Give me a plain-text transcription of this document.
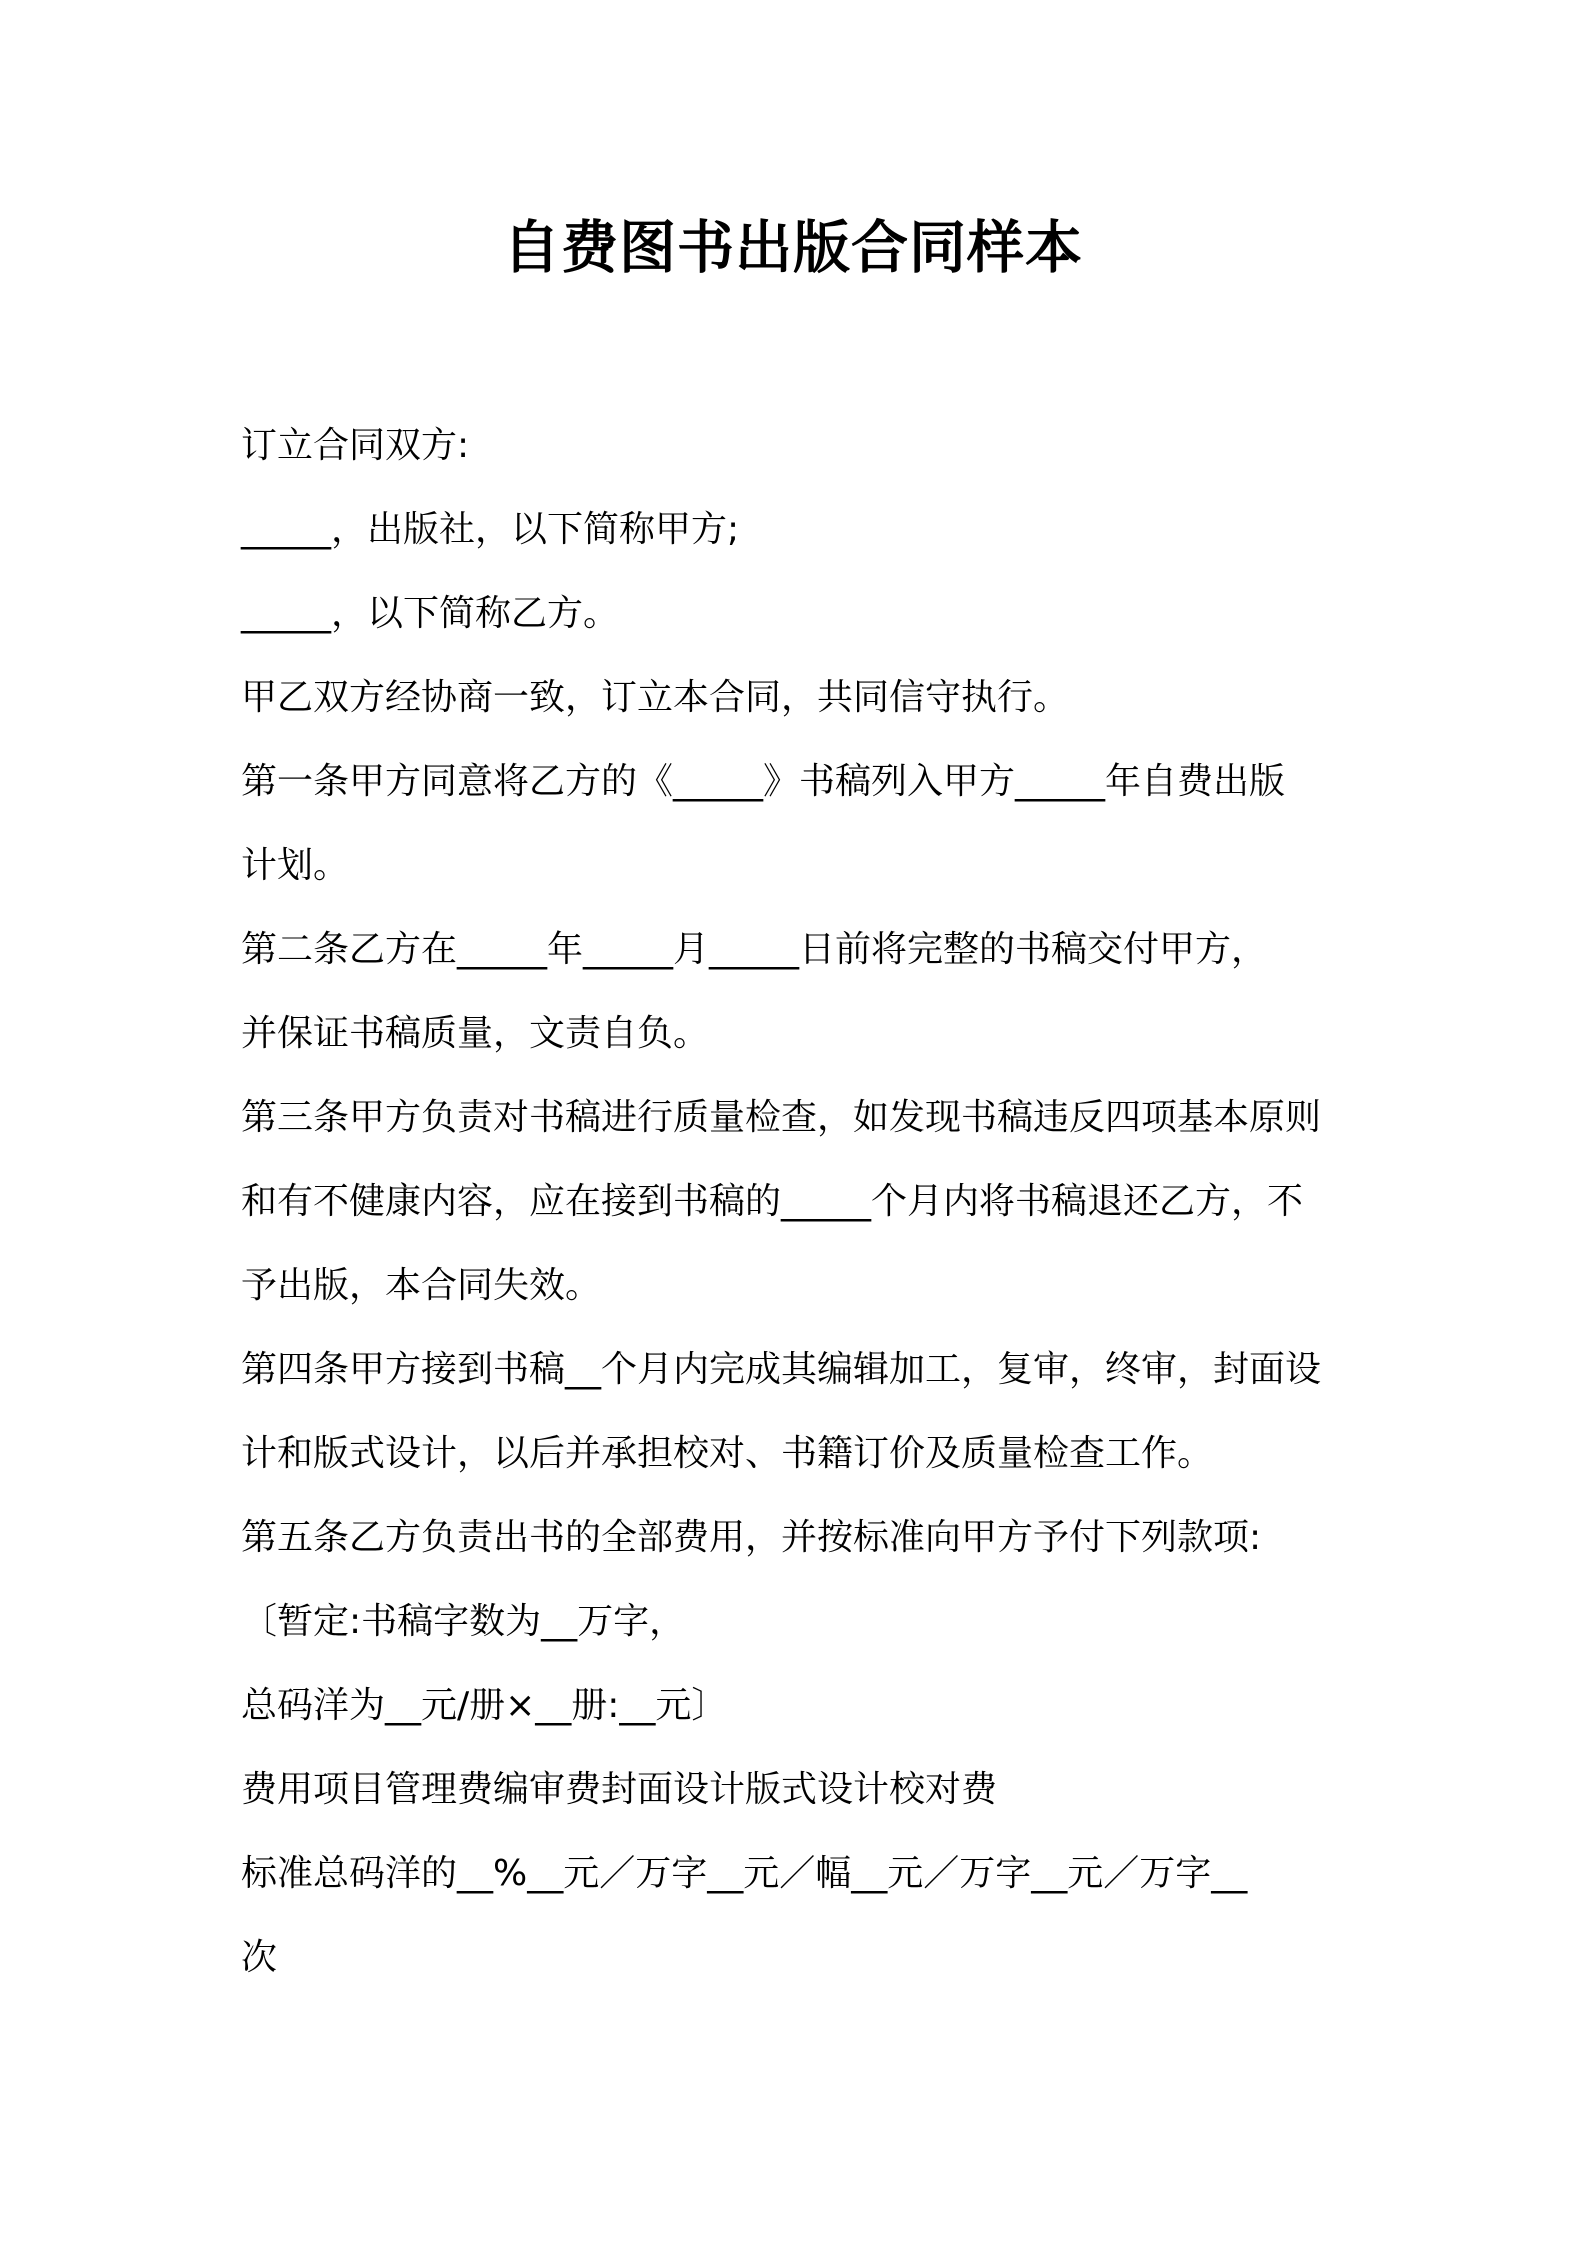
自费图书出版合同样本
订立合同双方:
_____，出版社，以下简称甲方;
_____，以下简称乙方。
甲乙双方经协商一致，订立本合同，共同信守执行。
第一条甲方同意将乙方的《_____》书稿列入甲方_____年自费出版
计划。
第二条乙方在_____年_____月_____日前将完整的书稿交付甲方，
并保证书稿质量，文责自负。
第三条甲方负责对书稿进行质量检查，如发现书稿违反四项基本原则
和有不健康内容，应在接到书稿的_____个月内将书稿退还乙方，不
予出版，本合同失效。
第四条甲方接到书稿__个月内完成其编辑加工，复审，终审，封面设
计和版式设计，以后并承担校对、书籍订价及质量检查工作。
第五条乙方负责出书的全部费用，并按标准向甲方予付下列款项:
〔暂定:书稿字数为__万字，
总码洋为__元/册×__册:__元〕
费用项目管理费编审费封面设计版式设计校对费
标准总码洋的__%__元／万字__元／幅__元／万字__元／万字__
次
